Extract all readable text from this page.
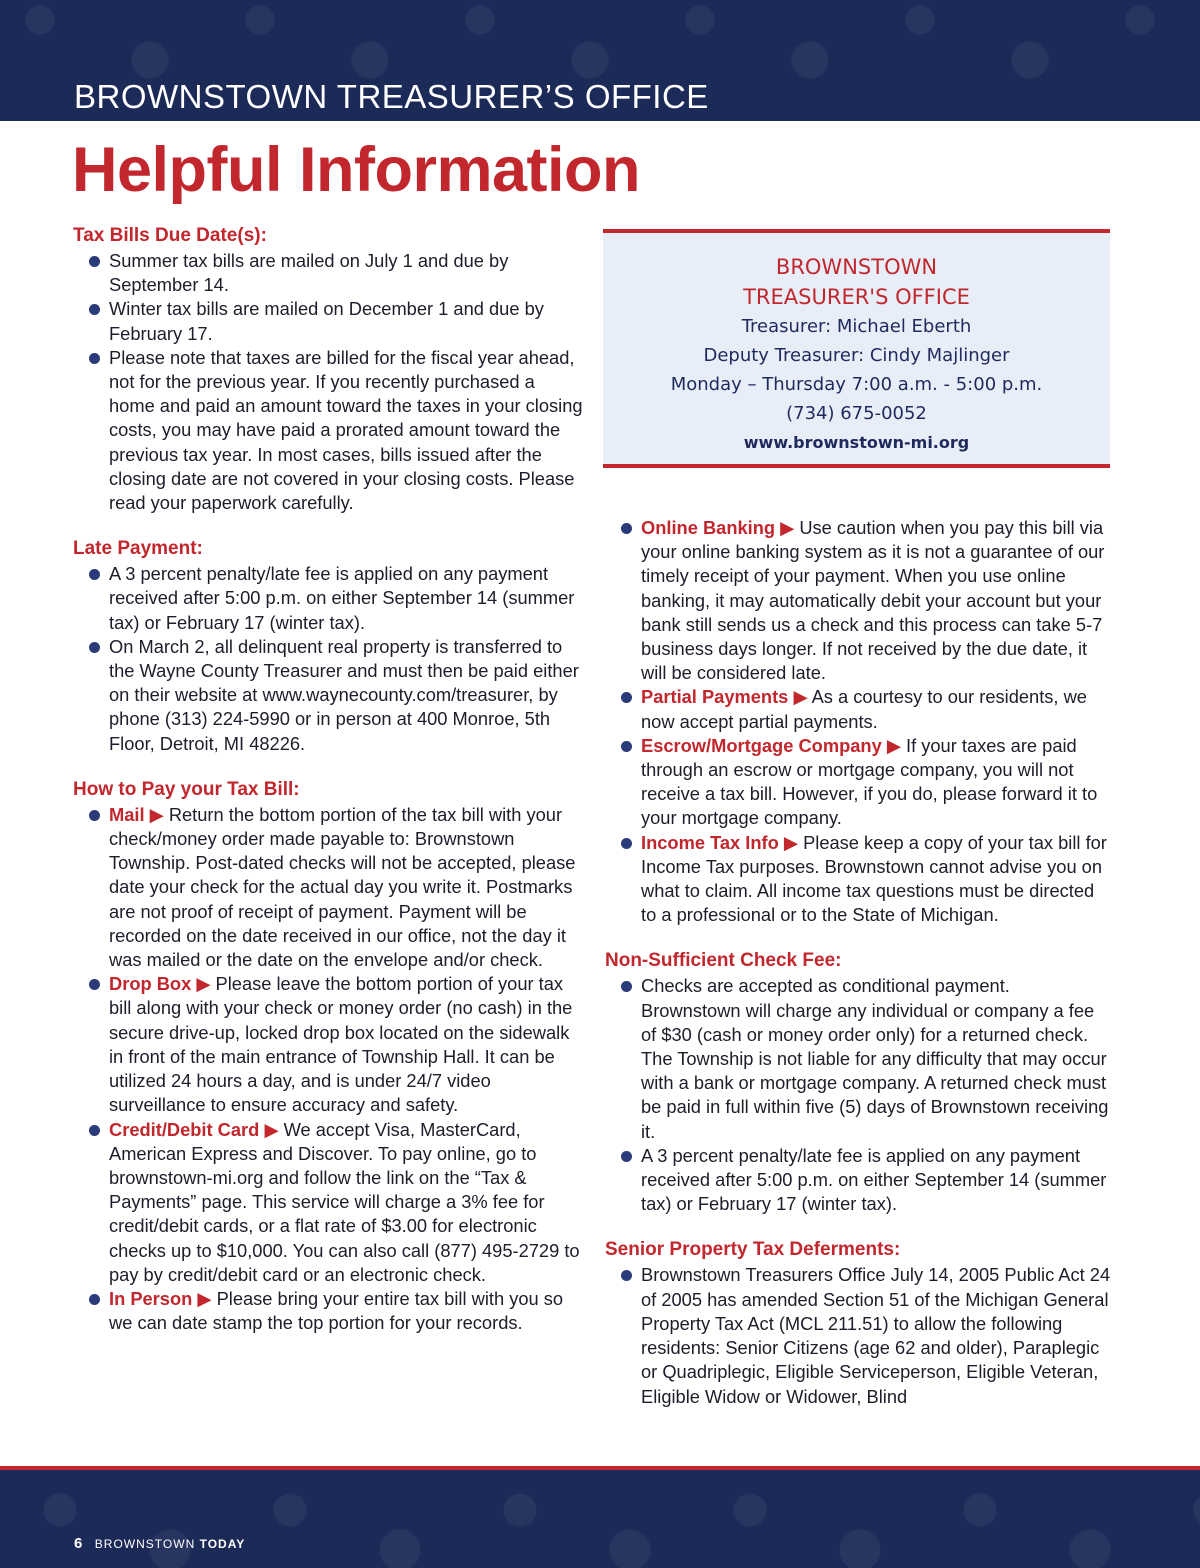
BROWNSTOWN TREASURER’S OFFICE
Helpful Information
Tax Bills Due Date(s):
Summer tax bills are mailed on July 1 and due by September 14.
Winter tax bills are mailed on December 1 and due by February 17.
Please note that taxes are billed for the fiscal year ahead, not for the previous year. If you recently purchased a home and paid an amount toward the taxes in your closing costs, you may have paid a prorated amount toward the previous tax year. In most cases, bills issued after the closing date are not covered in your closing costs. Please read your paperwork carefully.
Late Payment:
A 3 percent penalty/late fee is applied on any payment received after 5:00 p.m. on either September 14 (summer tax) or February 17 (winter tax).
On March 2, all delinquent real property is transferred to the Wayne County Treasurer and must then be paid either on their website at www.waynecounty.com/treasurer, by phone (313) 224-5990 or in person at 400 Monroe, 5th Floor, Detroit, MI 48226.
How to Pay your Tax Bill:
Mail ▶ Return the bottom portion of the tax bill with your check/money order made payable to: Brownstown Township. Post-dated checks will not be accepted, please date your check for the actual day you write it. Postmarks are not proof of receipt of payment. Payment will be recorded on the date received in our office, not the day it was mailed or the date on the envelope and/or check.
Drop Box ▶ Please leave the bottom portion of your tax bill along with your check or money order (no cash) in the secure drive-up, locked drop box located on the sidewalk in front of the main entrance of Township Hall. It can be utilized 24 hours a day, and is under 24/7 video surveillance to ensure accuracy and safety.
Credit/Debit Card ▶ We accept Visa, MasterCard, American Express and Discover. To pay online, go to brownstown-mi.org and follow the link on the “Tax & Payments” page. This service will charge a 3% fee for credit/debit cards, or a flat rate of $3.00 for electronic checks up to $10,000. You can also call (877) 495-2729 to pay by credit/debit card or an electronic check.
In Person ▶ Please bring your entire tax bill with you so we can date stamp the top portion for your records.
BROWNSTOWN
TREASURER'S OFFICE
Treasurer: Michael Eberth
Deputy Treasurer: Cindy Majlinger
Monday – Thursday 7:00 a.m. - 5:00 p.m.
(734) 675-0052
www.brownstown-mi.org
Online Banking ▶ Use caution when you pay this bill via your online banking system as it is not a guarantee of our timely receipt of your payment. When you use online banking, it may automatically debit your account but your bank still sends us a check and this process can take 5-7 business days longer. If not received by the due date, it will be considered late.
Partial Payments ▶ As a courtesy to our residents, we now accept partial payments.
Escrow/Mortgage Company ▶ If your taxes are paid through an escrow or mortgage company, you will not receive a tax bill. However, if you do, please forward it to your mortgage company.
Income Tax Info ▶ Please keep a copy of your tax bill for Income Tax purposes. Brownstown cannot advise you on what to claim. All income tax questions must be directed to a professional or to the State of Michigan.
Non-Sufficient Check Fee:
Checks are accepted as conditional payment. Brownstown will charge any individual or company a fee of $30 (cash or money order only) for a returned check. The Township is not liable for any difficulty that may occur with a bank or mortgage company. A returned check must be paid in full within five (5) days of Brownstown receiving it.
A 3 percent penalty/late fee is applied on any payment received after 5:00 p.m. on either September 14 (summer tax) or February 17 (winter tax).
Senior Property Tax Deferments:
Brownstown Treasurers Office July 14, 2005 Public Act 24 of 2005 has amended Section 51 of the Michigan General Property Tax Act (MCL 211.51) to allow the following residents: Senior Citizens (age 62 and older), Paraplegic or Quadriplegic, Eligible Serviceperson, Eligible Veteran, Eligible Widow or Widower, Blind
6 BROWNSTOWN TODAY
